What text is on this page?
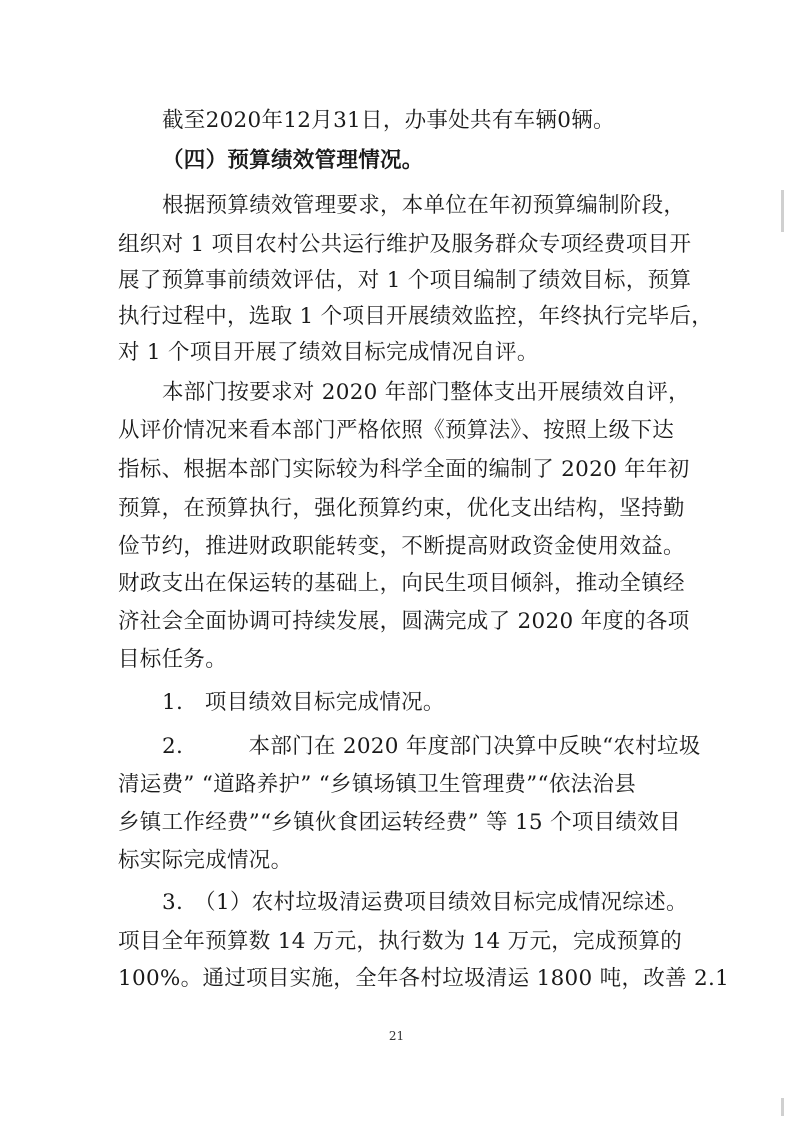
截至2020年12月31日，办事处共有车辆0辆。
（四）预算绩效管理情况。
根据预算绩效管理要求，本单位在年初预算编制阶段，
组织对 1 项目农村公共运行维护及服务群众专项经费项目开
展了预算事前绩效评估，对 1 个项目编制了绩效目标，预算
执行过程中，选取 1 个项目开展绩效监控，年终执行完毕后，
对 1 个项目开展了绩效目标完成情况自评。
本部门按要求对 2020 年部门整体支出开展绩效自评，
从评价情况来看本部门严格依照《预算法》、按照上级下达
指标、根据本部门实际较为科学全面的编制了 2020 年年初
预算，在预算执行，强化预算约束，优化支出结构，坚持勤
俭节约，推进财政职能转变，不断提高财政资金使用效益。
财政支出在保运转的基础上，向民生项目倾斜，推动全镇经
济社会全面协调可持续发展，圆满完成了 2020 年度的各项
目标任务。
1.　项目绩效目标完成情况。
2.　　　本部门在 2020 年度部门决算中反映“农村垃圾
清运费” “道路养护” “乡镇场镇卫生管理费”“依法治县
乡镇工作经费”“乡镇伙食团运转经费” 等 15 个项目绩效目
标实际完成情况。
3.　（1）农村垃圾清运费项目绩效目标完成情况综述。
项目全年预算数 14 万元，执行数为 14 万元，完成预算的
100%。通过项目实施，全年各村垃圾清运 1800 吨，改善 2.1
21
